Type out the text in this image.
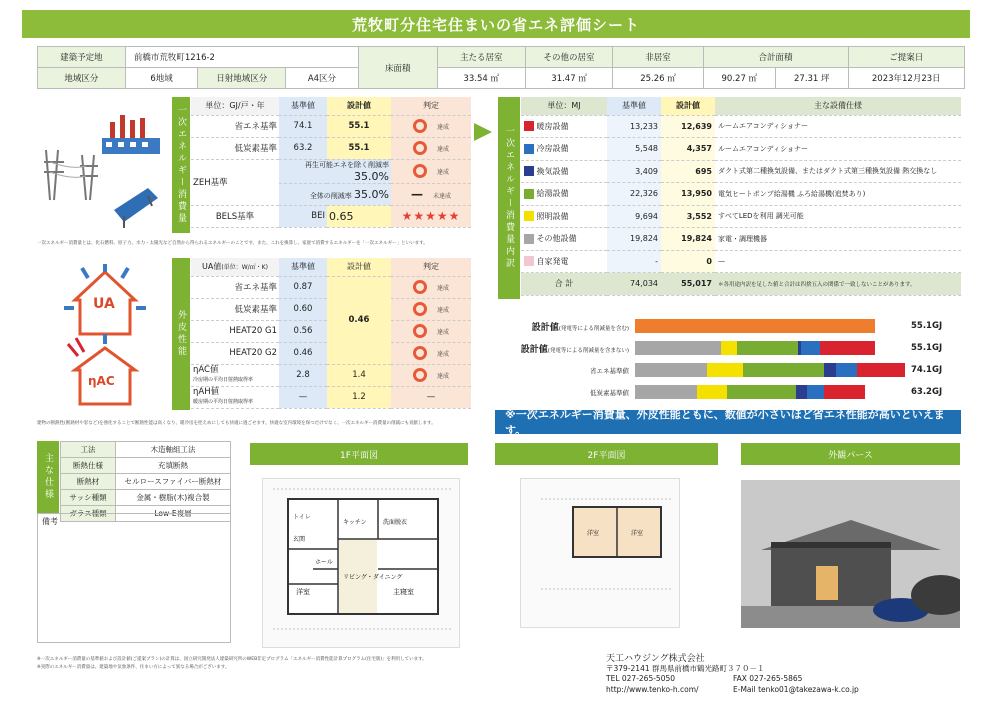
荒牧町分住宅住まいの省エネ評価シート
建築予定地	前橋市荒牧町1216-2			床面積	主たる居室	その他の居室	非居室	合計面積		ご提案日
地域区分	6地域	日射地域区分	A4区分		33.54 ㎡	31.47 ㎡	25.26 ㎡	90.27 ㎡	27.31 坪	2023年12月23日
一次エネルギー消費量	単位：GJ/戸・年	基準値	設計値	判定
省エネ基準	74.1	55.1	達成
低炭素基準	63.2	55.1	達成
ZEH基準	再生可能エネを除く削減率 35.0%		達成
	全体の削減率 35.0%		— 未達成
BELS基準	BEI	0.65	★★★★★
一次エネルギー消費量とは、化石燃料、原子力、水力・太陽光など自然から得られるエネルギーのことです。また、これを換算し、家庭で消費するエネルギーを「一次エネルギー」といいます。
UA
ηAC
外皮性能
UA値(単位：W/㎡・K)	基準値	設計値	判定
省エネ基準	0.87	0.46	達成
低炭素基準	0.60		達成
HEAT20 G1	0.56		達成
HEAT20 G2	0.46		達成
ηAC値
冷房期の平均日射熱取得率	2.8	1.4	達成
ηAH値
暖房期の平均日射熱取得率	—	1.2	—
建物の断熱性(断熱材や窓など)を強化することで断熱性能は高くなり、暖冷房を控えめにしても快適に過ごせます。快適な室内環境を保つだけでなく、一次エネルギー消費量の削減にも貢献します。
一次エネルギー消費量内訳
単位：MJ	基準値	設計値	主な設備仕様
暖房設備	13,233	12,639	ルームエアコンディショナー
冷房設備	5,548	4,357	ルームエアコンディショナー
換気設備	3,409	695	ダクト式第二種換気設備、またはダクト式第三種換気設備 熱交換なし
給湯設備	22,326	13,950	電気ヒートポンプ給湯機 ふろ給湯機(追焚あり)
照明設備	9,694	3,552	すべてLEDを利用 調光可能
その他設備	19,824	19,824	家電・調理機器
自家発電	-	0	—
合 計	74,034	55,017	＊各用途内訳を足した値と合計は四捨五入の関係で一致しないことがあります。
設計値(発電等による削減量を含む)	55.1GJ
設計値(発電等による削減量を含まない)	55.1GJ
省エネ基準値	74.1GJ
低炭素基準値	63.2GJ
※一次エネルギー消費量、外皮性能ともに、数値が小さいほど省エネ性能が高いといえます。
主な仕様
工法	木造軸組工法
断熱仕様	充填断熱
断熱材	セルロースファイバー断熱材
サッシ種類	金属・樹脂(木)複合製
ガラス種類	Low-E複層
備考
1F平面図
トイレ
玄関
ホール
洋室
リビング・ダイニング
主寝室
洗面脱衣
キッチン
2F平面図
洋室	洋室
外観パース
※一次エネルギー消費量の基準値および設計値(ご提案プラン)の計算は、国立研究開発法人建築研究所のWEB非定プログラム「エネルギー消費性能計算プログラム(住宅版)」を利用しています。
※実際のエネルギー消費量は、建築地や気象条件、住まい方によって異なる場合がございます。
天工ハウジング株式会社
〒379-2141 群馬県前橋市鶴光路町３７０－１
TEL 027-265-5050	FAX 027-265-5865
http://www.tenko-h.com/	E-Mail tenko01@takezawa-k.co.jp
